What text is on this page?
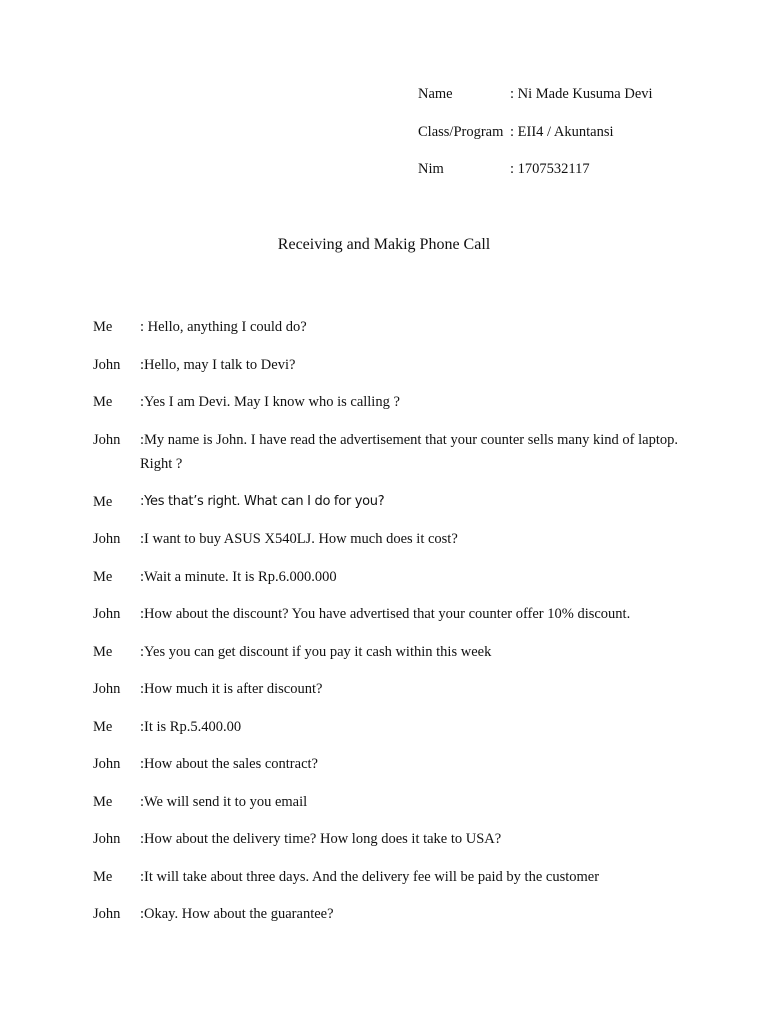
Name	: Ni Made Kusuma Devi
Class/Program : EII4 / Akuntansi
Nim	: 1707532117
Receiving and Makig Phone Call
Me	: Hello, anything I could do?
John	:Hello, may I talk to Devi?
Me	:Yes I am Devi. May I know who is calling ?
John	:My name is John. I have read the advertisement that your counter sells many kind of laptop.     Right ?
Me	:Yes that’s right. What can I do for you?
John	:I want to buy ASUS X540LJ. How much does it cost?
Me	:Wait a minute. It is Rp.6.000.000
John	:How about the discount? You have advertised that your counter offer 10% discount.
Me	:Yes you can get discount if you pay it cash within this week
John	:How much it is after discount?
Me	:It is Rp.5.400.00
John	:How about the sales contract?
Me	:We will send it to you email
John	:How about the delivery time? How long does it take to USA?
Me	:It will take about three days. And the delivery fee will be paid by the customer
John	:Okay. How about the guarantee?
